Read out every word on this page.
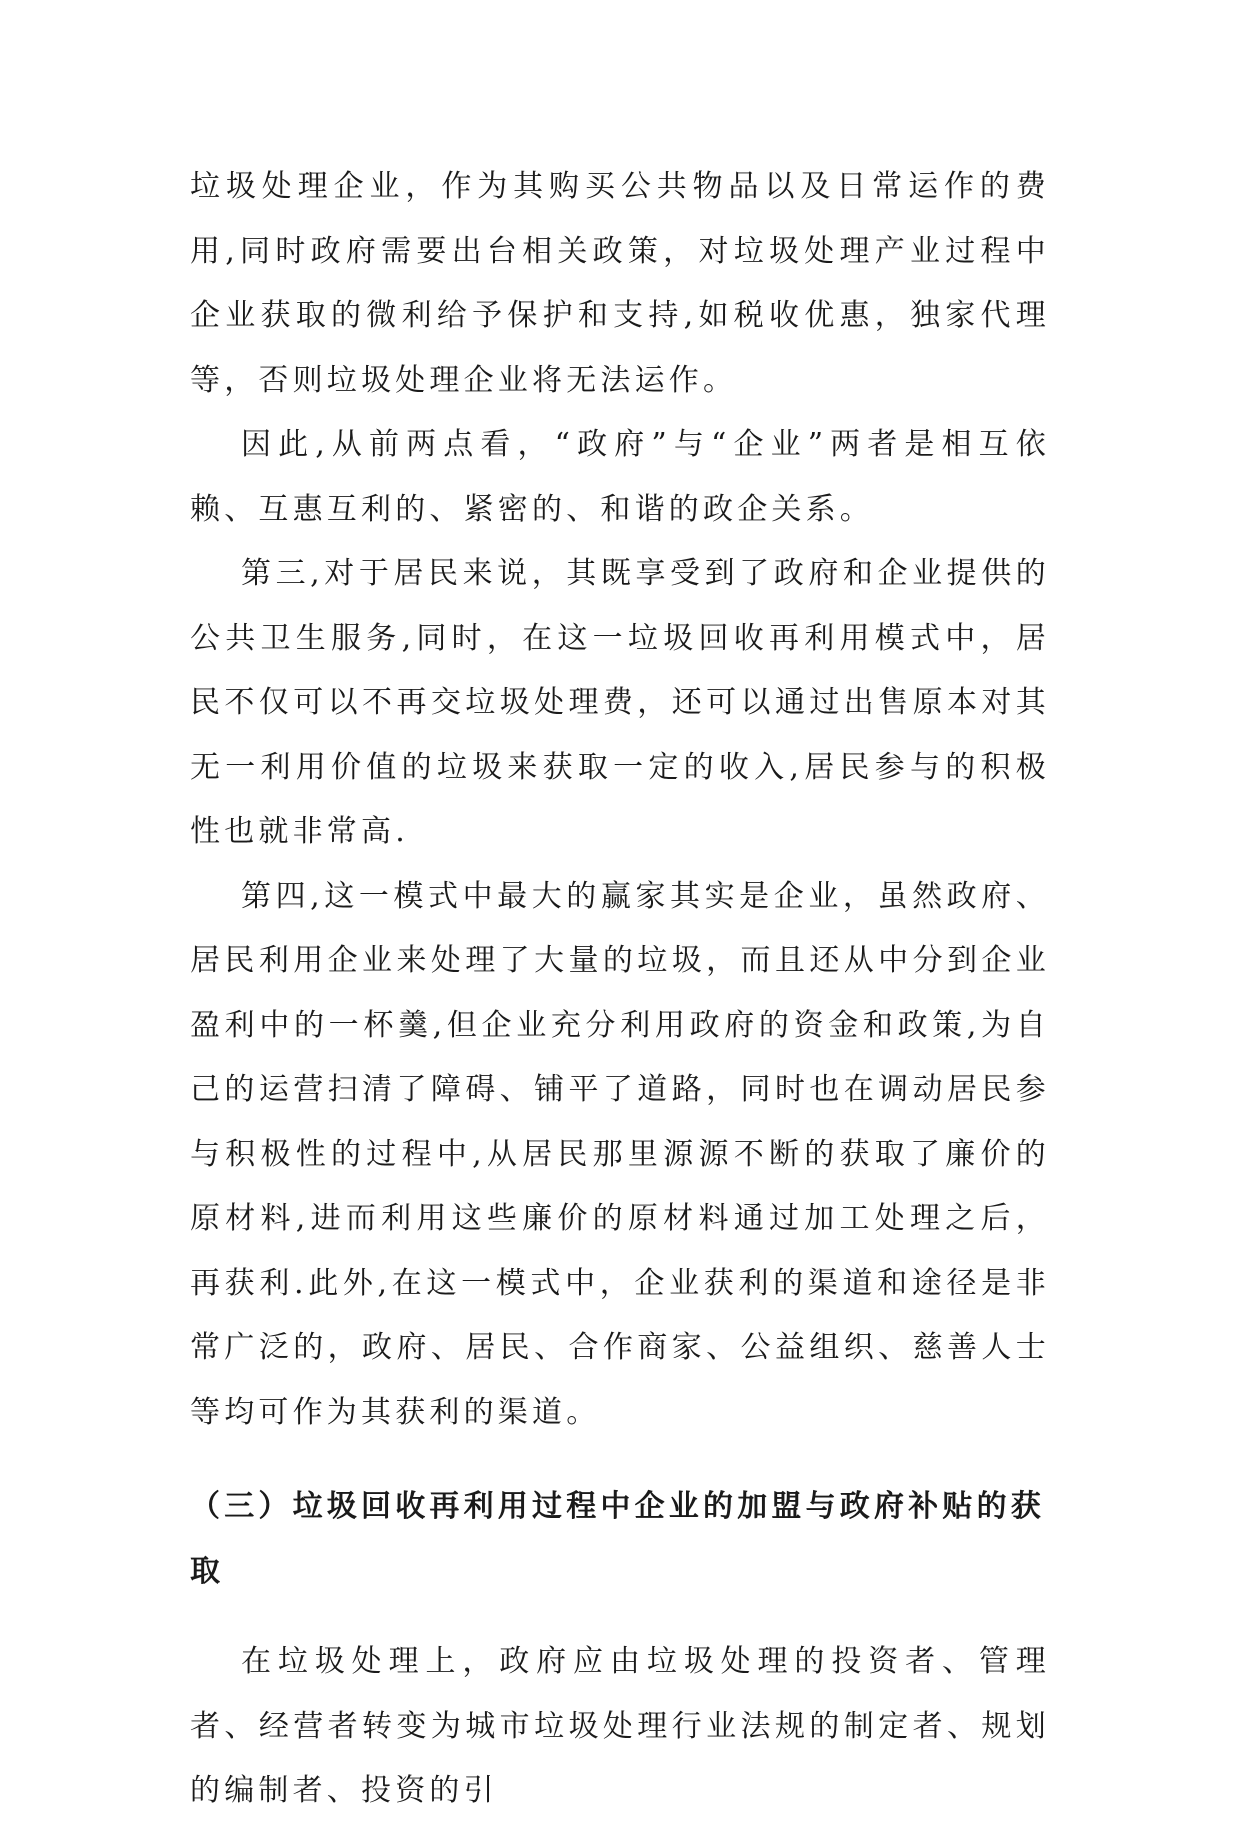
垃圾处理企业，作为其购买公共物品以及日常运作的费用,同时政府需要出台相关政策，对垃圾处理产业过程中企业获取的微利给予保护和支持,如税收优惠，独家代理等，否则垃圾处理企业将无法运作。

因此,从前两点看，“政府”与“企业”两者是相互依赖、互惠互利的、紧密的、和谐的政企关系。

第三,对于居民来说，其既享受到了政府和企业提供的公共卫生服务,同时，在这一垃圾回收再利用模式中，居民不仅可以不再交垃圾处理费，还可以通过出售原本对其无一利用价值的垃圾来获取一定的收入,居民参与的积极性也就非常高.

第四,这一模式中最大的赢家其实是企业，虽然政府、居民利用企业来处理了大量的垃圾，而且还从中分到企业盈利中的一杯羹,但企业充分利用政府的资金和政策,为自己的运营扫清了障碍、铺平了道路，同时也在调动居民参与积极性的过程中,从居民那里源源不断的获取了廉价的原材料,进而利用这些廉价的原材料通过加工处理之后，再获利.此外,在这一模式中，企业获利的渠道和途径是非常广泛的，政府、居民、合作商家、公益组织、慈善人士等均可作为其获利的渠道。

（三）垃圾回收再利用过程中企业的加盟与政府补贴的获取

在垃圾处理上，政府应由垃圾处理的投资者、管理者、经营者转变为城市垃圾处理行业法规的制定者、规划的编制者、投资的引
